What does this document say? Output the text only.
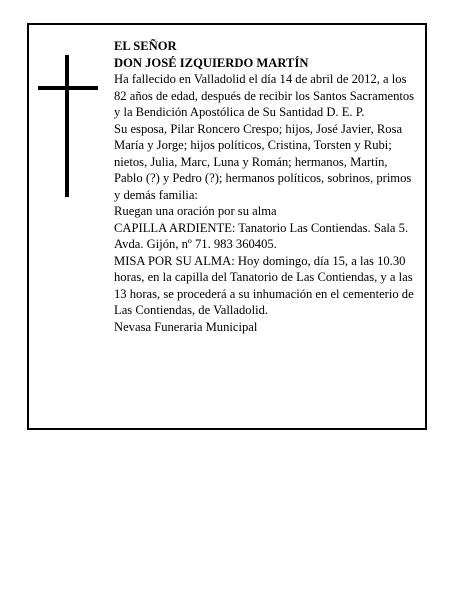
EL SEÑOR

DON JOSÉ IZQUIERDO MARTÍN

Ha fallecido en Valladolid el día 14 de abril de 2012, a los 82 años de edad, después de recibir los Santos Sacramentos y la Bendición Apostólica de Su Santidad D. E. P.

Su esposa, Pilar Roncero Crespo; hijos, José Javier, Rosa María y Jorge; hijos políticos, Cristina, Torsten y Rubi; nietos, Julia, Marc, Luna y Román; hermanos, Martín, Pablo (?) y Pedro (?); hermanos políticos, sobrinos, primos y demás familia:

Ruegan una oración por su alma

CAPILLA ARDIENTE: Tanatorio Las Contiendas. Sala 5. Avda. Gijón, nº 71. 983 360405.

MISA POR SU ALMA: Hoy domingo, día 15, a las 10.30 horas, en la capilla del Tanatorio de Las Contiendas, y a las 13 horas, se procederá a su inhumación en el cementerio de Las Contiendas, de Valladolid.

Nevasa Funeraria Municipal
